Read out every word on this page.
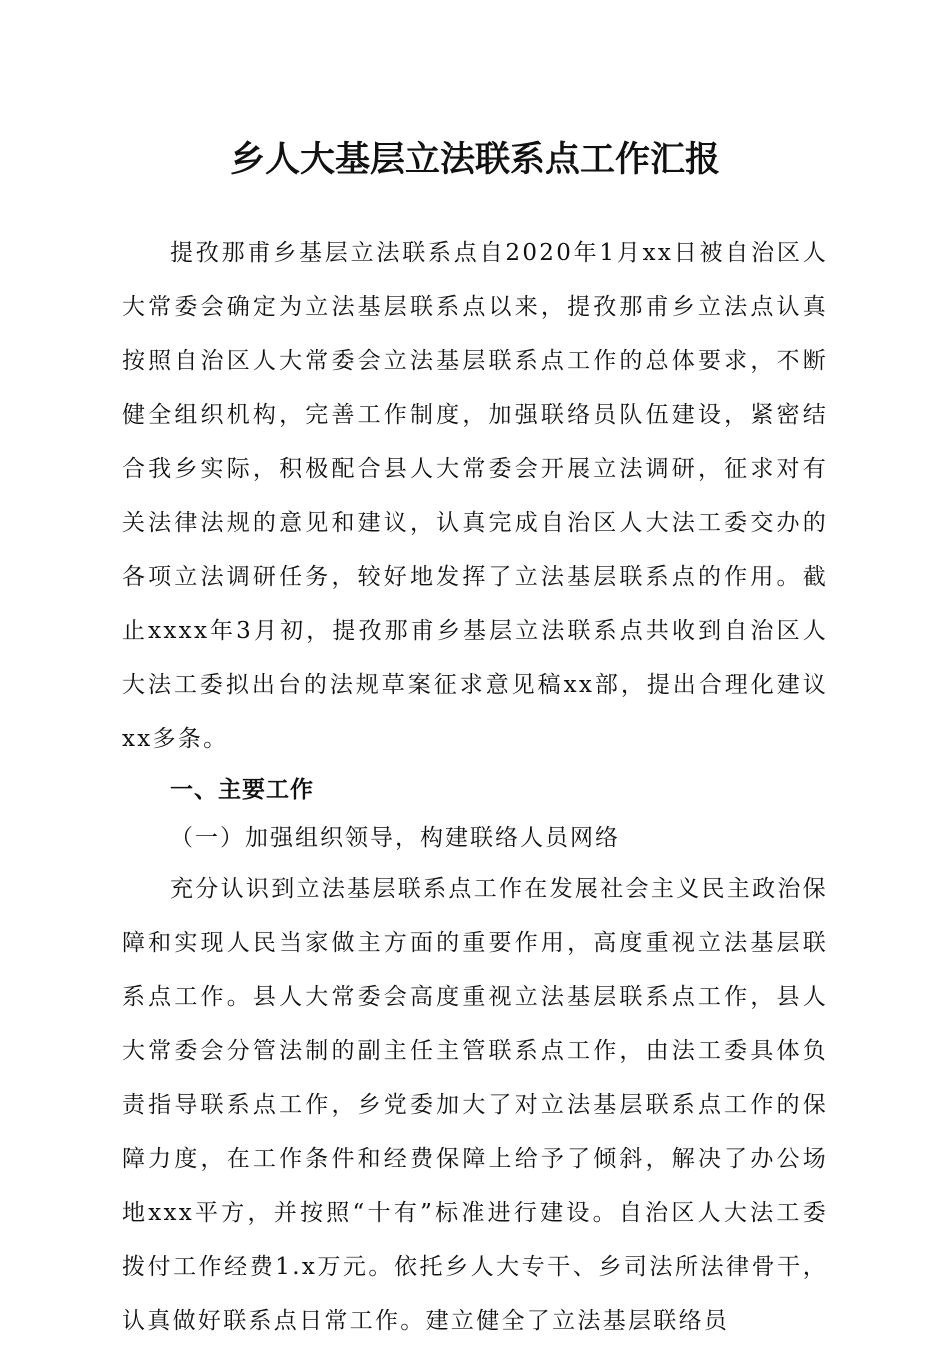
乡人大基层立法联系点工作汇报

提孜那甫乡基层立法联系点自2020年1月xx日被自治区人大常委会确定为立法基层联系点以来，提孜那甫乡立法点认真按照自治区人大常委会立法基层联系点工作的总体要求，不断健全组织机构，完善工作制度，加强联络员队伍建设，紧密结合我乡实际，积极配合县人大常委会开展立法调研，征求对有关法律法规的意见和建议，认真完成自治区人大法工委交办的各项立法调研任务，较好地发挥了立法基层联系点的作用。截止xxxx年3月初，提孜那甫乡基层立法联系点共收到自治区人大法工委拟出台的法规草案征求意见稿xx部，提出合理化建议xx多条。

一、主要工作

（一）加强组织领导，构建联络人员网络

充分认识到立法基层联系点工作在发展社会主义民主政治保障和实现人民当家做主方面的重要作用，高度重视立法基层联系点工作。县人大常委会高度重视立法基层联系点工作，县人大常委会分管法制的副主任主管联系点工作，由法工委具体负责指导联系点工作，乡党委加大了对立法基层联系点工作的保障力度，在工作条件和经费保障上给予了倾斜，解决了办公场地xxx平方，并按照“十有”标准进行建设。自治区人大法工委拨付工作经费1.x万元。依托乡人大专干、乡司法所法律骨干，认真做好联系点日常工作。建立健全了立法基层联络员
